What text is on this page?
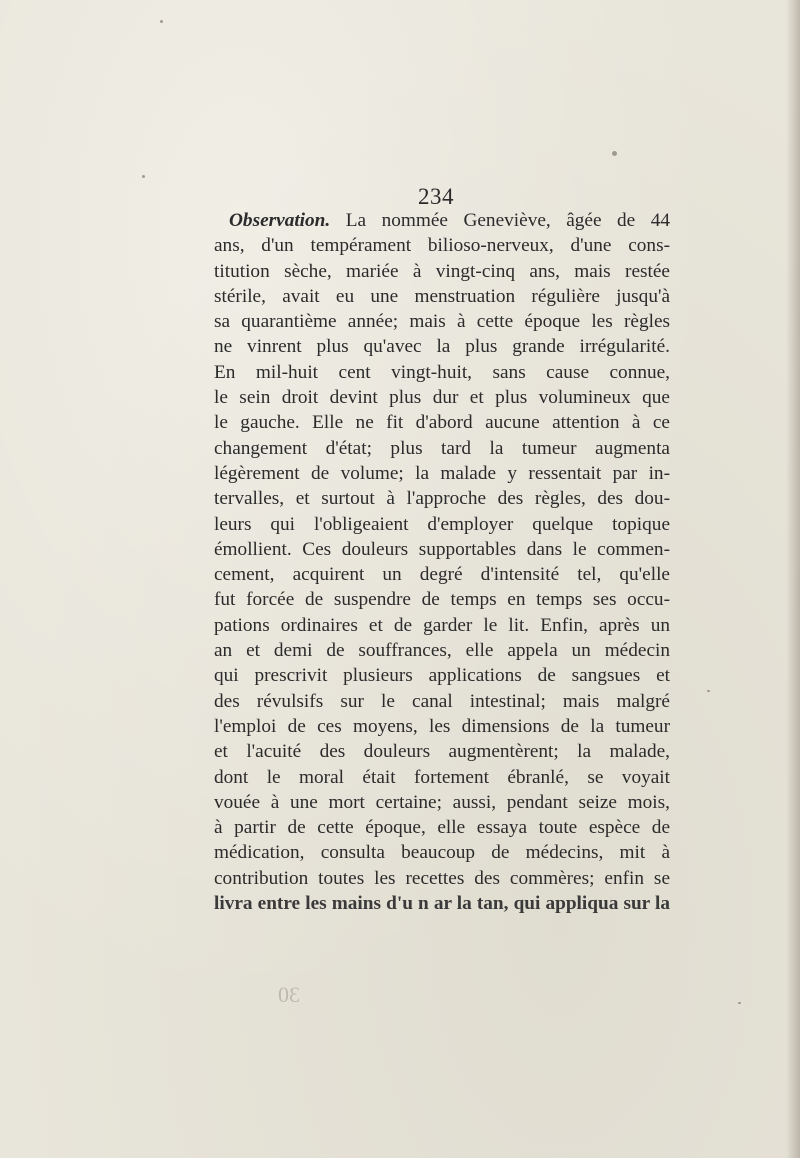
234
Observation. La nommée Geneviève, âgée de 44
ans, d'un tempérament bilioso-nerveux, d'une cons-
titution sèche, mariée à vingt-cinq ans, mais restée
stérile, avait eu une menstruation régulière jusqu'à
sa quarantième année; mais à cette époque les règles
ne vinrent plus qu'avec la plus grande irrégularité.
En mil-huit cent vingt-huit, sans cause connue,
le sein droit devint plus dur et plus volumineux que
le gauche. Elle ne fit d'abord aucune attention à ce
changement d'état; plus tard la tumeur augmenta
légèrement de volume; la malade y ressentait par in-
tervalles, et surtout à l'approche des règles, des dou-
leurs qui l'obligeaient d'employer quelque topique
émollient. Ces douleurs supportables dans le commen-
cement, acquirent un degré d'intensité tel, qu'elle
fut forcée de suspendre de temps en temps ses occu-
pations ordinaires et de garder le lit. Enfin, après un
an et demi de souffrances, elle appela un médecin
qui prescrivit plusieurs applications de sangsues et
des révulsifs sur le canal intestinal; mais malgré
l'emploi de ces moyens, les dimensions de la tumeur
et l'acuité des douleurs augmentèrent; la malade,
dont le moral était fortement ébranlé, se voyait
vouée à une mort certaine; aussi, pendant seize mois,
à partir de cette époque, elle essaya toute espèce de
médication, consulta beaucoup de médecins, mit à
contribution toutes les recettes des commères; enfin se
livra entre les mains d'u n ar la tan, qui appliqua sur la
30
